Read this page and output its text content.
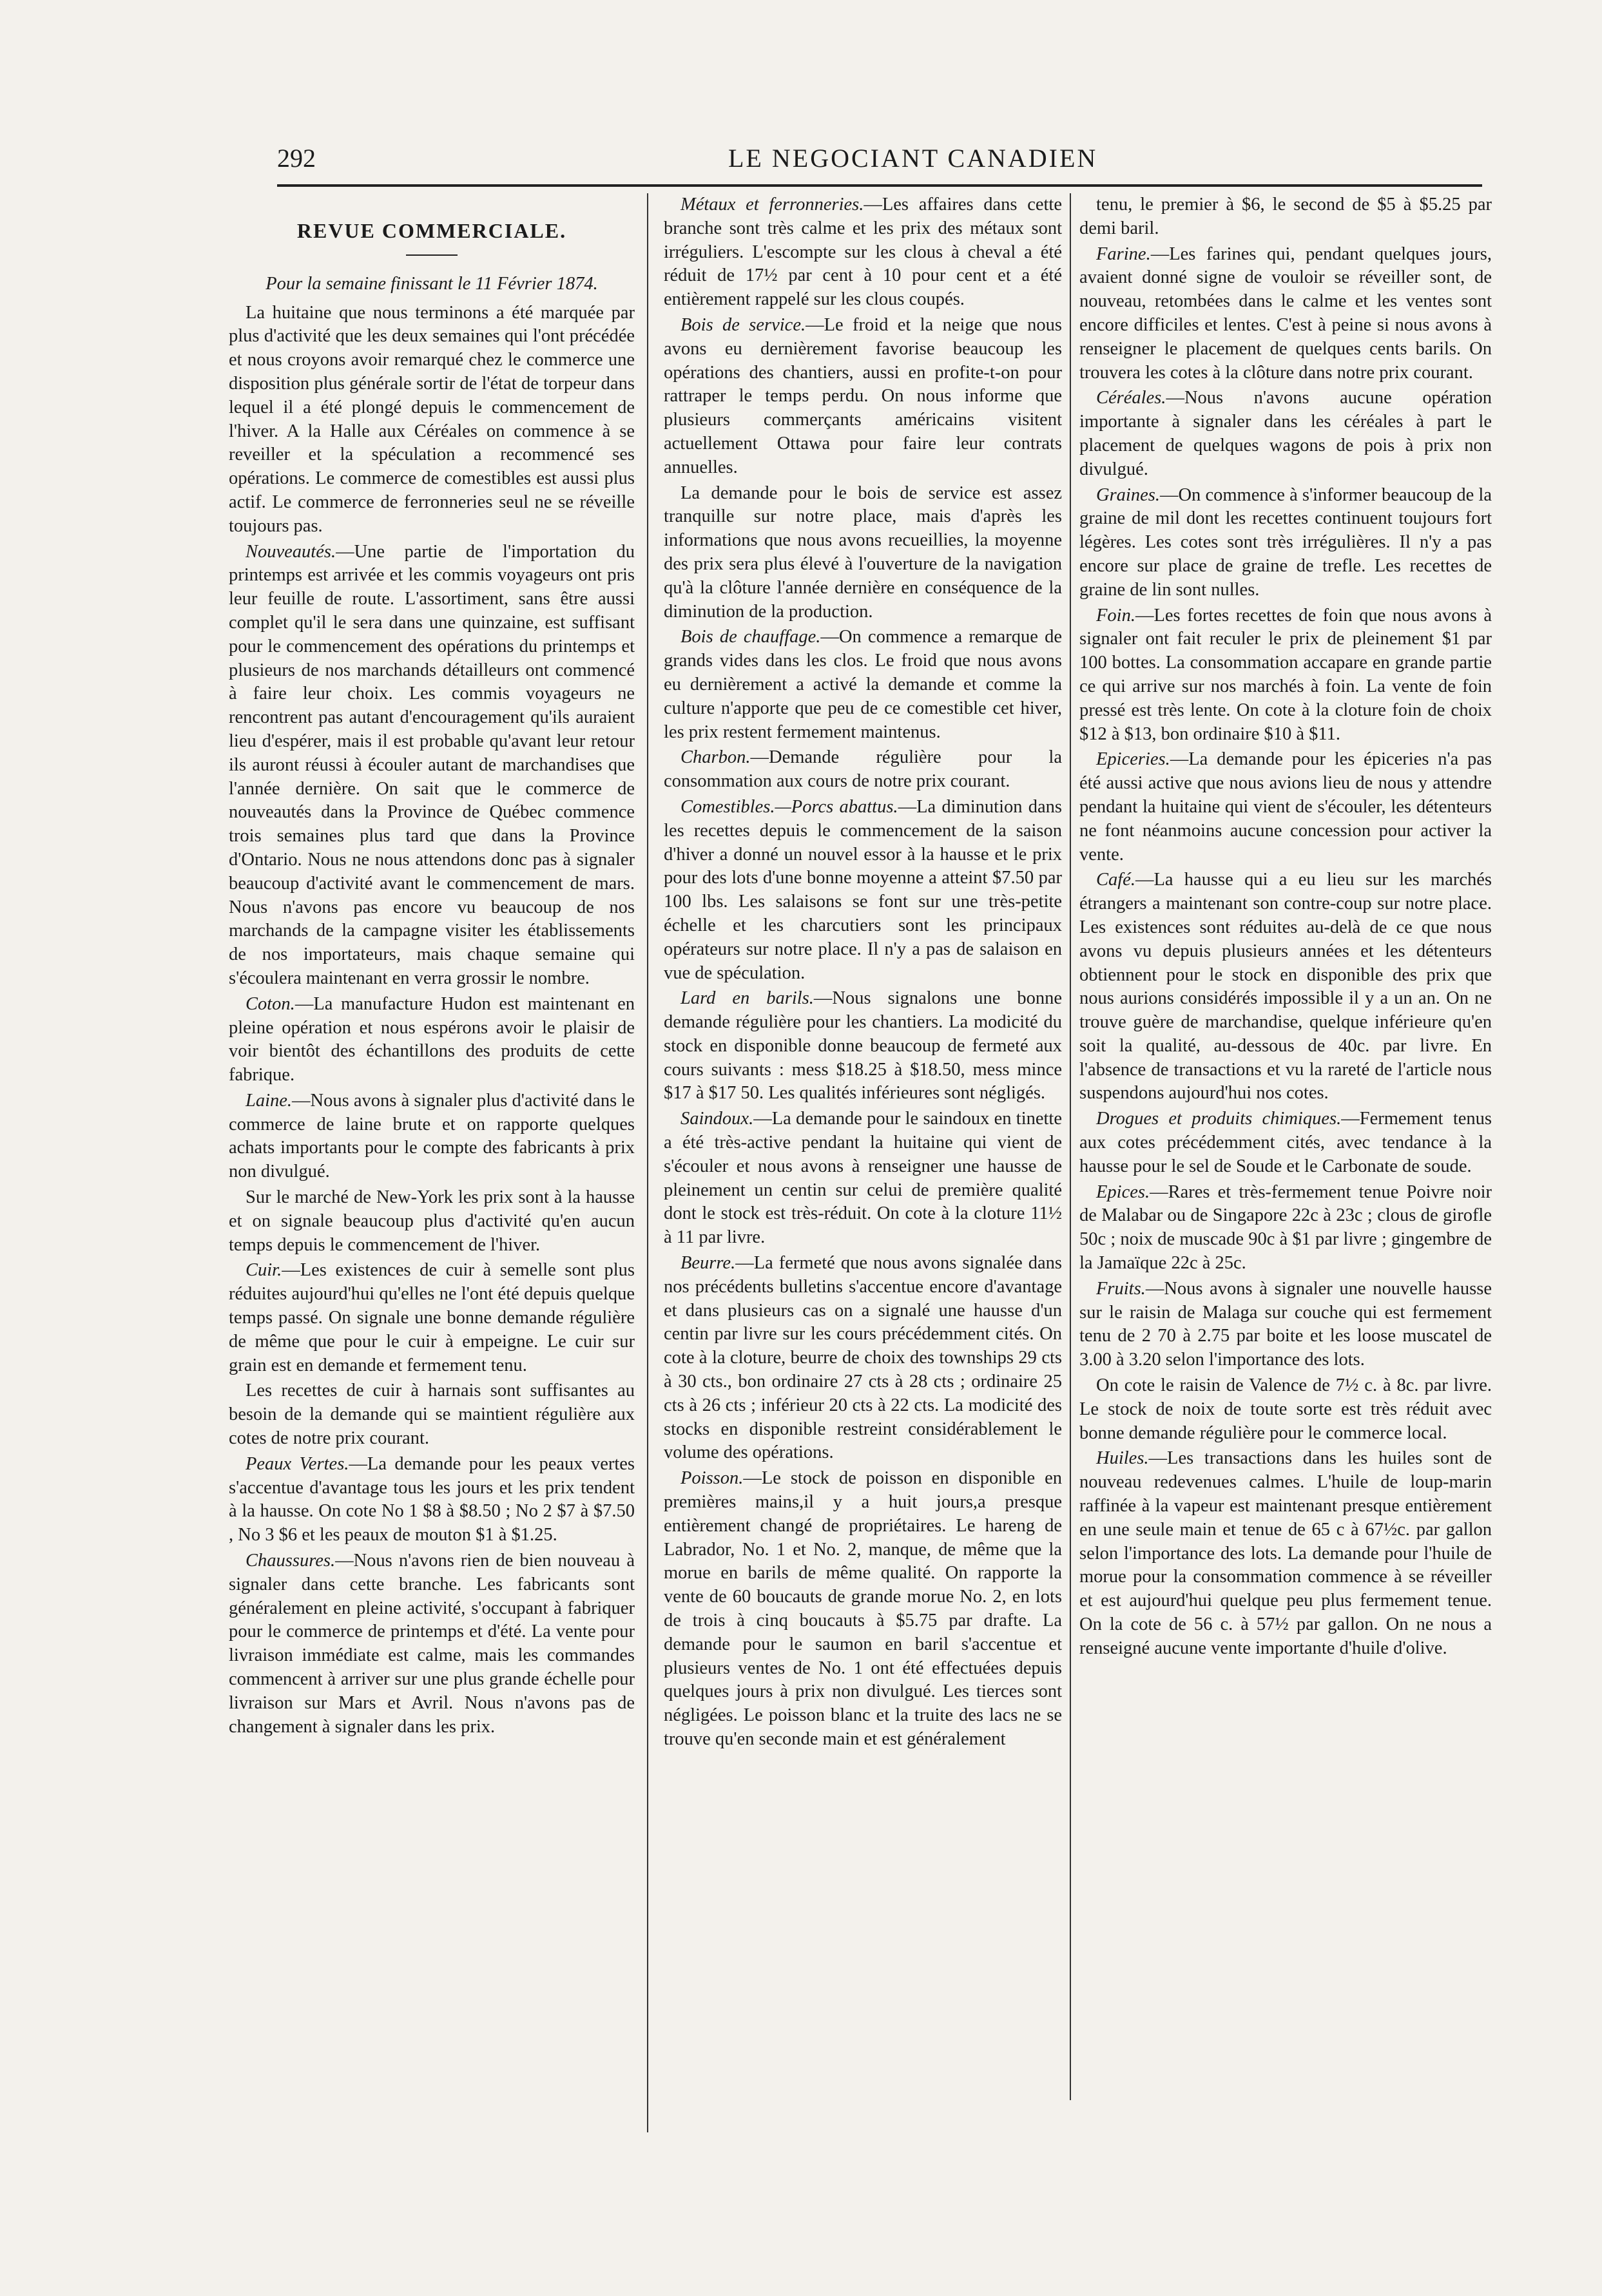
292	LE NEGOCIANT CANADIEN
REVUE COMMERCIALE.

Pour la semaine finissant le 11 Février 1874.

La huitaine que nous terminons a été marquée par plus d'activité que les deux semaines qui l'ont précédée et nous croyons avoir remarqué chez le commerce une disposition plus générale sortir de l'état de torpeur dans lequel il a été plongé depuis le commencement de l'hiver. A la Halle aux Céréales on commence à se reveiller et la spéculation a recommencé ses opérations. Le commerce de comestibles est aussi plus actif. Le commerce de ferronneries seul ne se réveille toujours pas.

Nouveautés.—Une partie de l'importation du printemps est arrivée et les commis voyageurs ont pris leur feuille de route. L'assortiment, sans être aussi complet qu'il le sera dans une quinzaine, est suffisant pour le commencement des opérations du printemps et plusieurs de nos marchands détailleurs ont commencé à faire leur choix. Les commis voyageurs ne rencontrent pas autant d'encouragement qu'ils auraient lieu d'espérer, mais il est probable qu'avant leur retour ils auront réussi à écouler autant de marchandises que l'année dernière. On sait que le commerce de nouveautés dans la Province de Québec commence trois semaines plus tard que dans la Province d'Ontario. Nous ne nous attendons donc pas à signaler beaucoup d'activité avant le commencement de mars. Nous n'avons pas encore vu beaucoup de nos marchands de la campagne visiter les établissements de nos importateurs, mais chaque semaine qui s'écoulera maintenant en verra grossir le nombre.

Coton.—La manufacture Hudon est maintenant en pleine opération et nous espérons avoir le plaisir de voir bientôt des échantillons des produits de cette fabrique.

Laine.—Nous avons à signaler plus d'activité dans le commerce de laine brute et on rapporte quelques achats importants pour le compte des fabricants à prix non divulgué.

Sur le marché de New-York les prix sont à la hausse et on signale beaucoup plus d'activité qu'en aucun temps depuis le commencement de l'hiver.

Cuir.—Les existences de cuir à semelle sont plus réduites aujourd'hui qu'elles ne l'ont été depuis quelque temps passé. On signale une bonne demande régulière de même que pour le cuir à empeigne. Le cuir sur grain est en demande et fermement tenu.

Les recettes de cuir à harnais sont suffisantes au besoin de la demande qui se maintient régulière aux cotes de notre prix courant.

Peaux Vertes.—La demande pour les peaux vertes s'accentue d'avantage tous les jours et les prix tendent à la hausse. On cote No 1 $8 à $8.50 ; No 2 $7 à $7.50 , No 3 $6 et les peaux de mouton $1 à $1.25.

Chaussures.—Nous n'avons rien de bien nouveau à signaler dans cette branche. Les fabricants sont généralement en pleine activité, s'occupant à fabriquer pour le commerce de printemps et d'été. La vente pour livraison immédiate est calme, mais les commandes commencent à arriver sur une plus grande échelle pour livraison sur Mars et Avril. Nous n'avons pas de changement à signaler dans les prix.

Métaux et ferronneries.—Les affaires dans cette branche sont très calme et les prix des métaux sont irréguliers. L'escompte sur les clous à cheval a été réduit de 17½ par cent à 10 pour cent et a été entièrement rappelé sur les clous coupés.

Bois de service.—Le froid et la neige que nous avons eu dernièrement favorise beaucoup les opérations des chantiers, aussi en profite-t-on pour rattraper le temps perdu. On nous informe que plusieurs commerçants américains visitent actuellement Ottawa pour faire leur contrats annuelles.

La demande pour le bois de service est assez tranquille sur notre place, mais d'après les informations que nous avons recueillies, la moyenne des prix sera plus élevé à l'ouverture de la navigation qu'à la clôture l'année dernière en conséquence de la diminution de la production.

Bois de chauffage.—On commence a remarque de grands vides dans les clos. Le froid que nous avons eu dernièrement a activé la demande et comme la culture n'apporte que peu de ce comestible cet hiver, les prix restent fermement maintenus.

Charbon.—Demande régulière pour la consommation aux cours de notre prix courant.

Comestibles.—Porcs abattus.—La diminution dans les recettes depuis le commencement de la saison d'hiver a donné un nouvel essor à la hausse et le prix pour des lots d'une bonne moyenne a atteint $7.50 par 100 lbs. Les salaisons se font sur une très-petite échelle et les charcutiers sont les principaux opérateurs sur notre place. Il n'y a pas de salaison en vue de spéculation.

Lard en barils.—Nous signalons une bonne demande régulière pour les chantiers. La modicité du stock en disponible donne beaucoup de fermeté aux cours suivants : mess $18.25 à $18.50, mess mince $17 à $17 50. Les qualités inférieures sont négligés.

Saindoux.—La demande pour le saindoux en tinette a été très-active pendant la huitaine qui vient de s'écouler et nous avons à renseigner une hausse de pleinement un centin sur celui de première qualité dont le stock est très-réduit. On cote à la cloture 11½ à 11 par livre.

Beurre.—La fermeté que nous avons signalée dans nos précédents bulletins s'accentue encore d'avantage et dans plusieurs cas on a signalé une hausse d'un centin par livre sur les cours précédemment cités. On cote à la cloture, beurre de choix des townships 29 cts à 30 cts., bon ordinaire 27 cts à 28 cts ; ordinaire 25 cts à 26 cts ; inférieur 20 cts à 22 cts. La modicité des stocks en disponible restreint considérablement le volume des opérations.

Poisson.—Le stock de poisson en disponible en premières mains,il y a huit jours,a presque entièrement changé de propriétaires. Le hareng de Labrador, No. 1 et No. 2, manque, de même que la morue en barils de même qualité. On rapporte la vente de 60 boucauts de grande morue No. 2, en lots de trois à cinq boucauts à $5.75 par drafte. La demande pour le saumon en baril s'accentue et plusieurs ventes de No. 1 ont été effectuées depuis quelques jours à prix non divulgué. Les tierces sont négligées. Le poisson blanc et la truite des lacs ne se trouve qu'en seconde main et est généralement

tenu, le premier à $6, le second de $5 à $5.25 par demi baril.

Farine.—Les farines qui, pendant quelques jours, avaient donné signe de vouloir se réveiller sont, de nouveau, retombées dans le calme et les ventes sont encore difficiles et lentes. C'est à peine si nous avons à renseigner le placement de quelques cents barils. On trouvera les cotes à la clôture dans notre prix courant.

Céréales.—Nous n'avons aucune opération importante à signaler dans les céréales à part le placement de quelques wagons de pois à prix non divulgué.

Graines.—On commence à s'informer beaucoup de la graine de mil dont les recettes continuent toujours fort légères. Les cotes sont très irrégulières. Il n'y a pas encore sur place de graine de trefle. Les recettes de graine de lin sont nulles.

Foin.—Les fortes recettes de foin que nous avons à signaler ont fait reculer le prix de pleinement $1 par 100 bottes. La consommation accapare en grande partie ce qui arrive sur nos marchés à foin. La vente de foin pressé est très lente. On cote à la cloture foin de choix $12 à $13, bon ordinaire $10 à $11.

Epiceries.—La demande pour les épiceries n'a pas été aussi active que nous avions lieu de nous y attendre pendant la huitaine qui vient de s'écouler, les détenteurs ne font néanmoins aucune concession pour activer la vente.

Café.—La hausse qui a eu lieu sur les marchés étrangers a maintenant son contre-coup sur notre place. Les existences sont réduites au-delà de ce que nous avons vu depuis plusieurs années et les détenteurs obtiennent pour le stock en disponible des prix que nous aurions considérés impossible il y a un an. On ne trouve guère de marchandise, quelque inférieure qu'en soit la qualité, au-dessous de 40c. par livre. En l'absence de transactions et vu la rareté de l'article nous suspendons aujourd'hui nos cotes.

Drogues et produits chimiques.—Fermement tenus aux cotes précédemment cités, avec tendance à la hausse pour le sel de Soude et le Carbonate de soude.

Epices.—Rares et très-fermement tenue Poivre noir de Malabar ou de Singapore 22c à 23c ; clous de girofle 50c ; noix de muscade 90c à $1 par livre ; gingembre de la Jamaïque 22c à 25c.

Fruits.—Nous avons à signaler une nouvelle hausse sur le raisin de Malaga sur couche qui est fermement tenu de 2 70 à 2.75 par boite et les loose muscatel de 3.00 à 3.20 selon l'importance des lots.

On cote le raisin de Valence de 7½ c. à 8c. par livre. Le stock de noix de toute sorte est très réduit avec bonne demande régulière pour le commerce local.

Huiles.—Les transactions dans les huiles sont de nouveau redevenues calmes. L'huile de loup-marin raffinée à la vapeur est maintenant presque entièrement en une seule main et tenue de 65 c à 67½c. par gallon selon l'importance des lots. La demande pour l'huile de morue pour la consommation commence à se réveiller et est aujourd'hui quelque peu plus fermement tenue. On la cote de 56 c. à 57½ par gallon. On ne nous a renseigné aucune vente importante d'huile d'olive.
